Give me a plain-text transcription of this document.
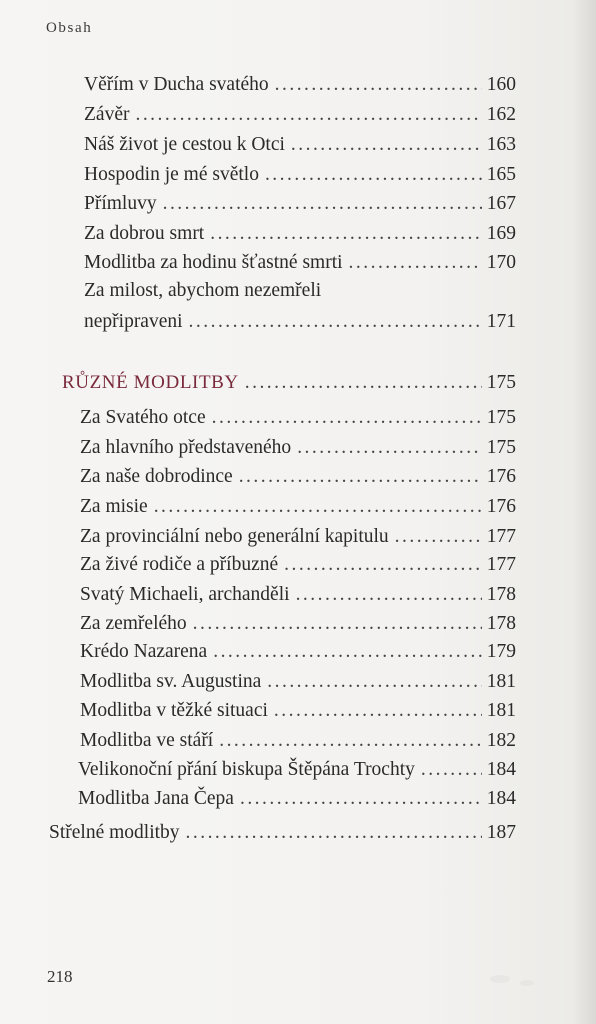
Obsah
Věřím v Ducha svatého . . .	160
Závěr . . .	162
Náš život je cestou k Otci . . .	163
Hospodin je mé světlo . . .	165
Přímluvy . . .	167
Za dobrou smrt . . .	169
Modlitba za hodinu šťastné smrti . . .	170
Za milost, abychom nezemřeli
nepřipraveni . . .	171
RŮZNÉ MODLITBY . . .	175
Za Svatého otce . . .	175
Za hlavního představeného . . .	175
Za naše dobrodince . . .	176
Za misie . . .	176
Za provinciální nebo generální kapitulu . . .	177
Za živé rodiče a příbuzné . . .	177
Svatý Michaeli, archanděli . . .	178
Za zemřelého . . .	178
Krédo Nazarena . . .	179
Modlitba sv. Augustina . . .	181
Modlitba v těžké situaci . . .	181
Modlitba ve stáří . . .	182
Velikonoční přání biskupa Štěpána Trochty . . .	184
Modlitba Jana Čepa . . .	184
Střelné modlitby . . .	187
218
